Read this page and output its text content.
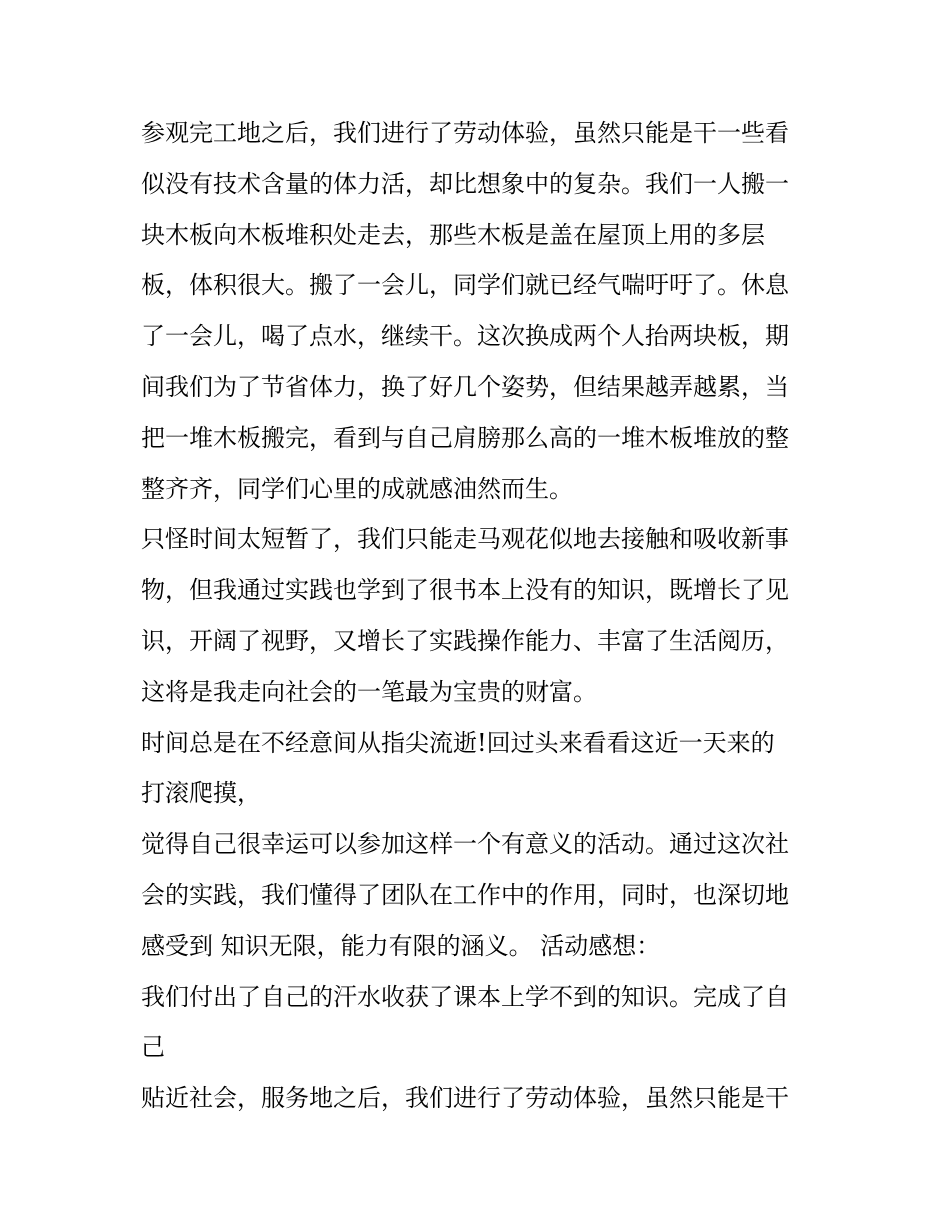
参观完工地之后，我们进行了劳动体验，虽然只能是干一些看
似没有技术含量的体力活，却比想象中的复杂。我们一人搬一
块木板向木板堆积处走去，那些木板是盖在屋顶上用的多层
板，体积很大。搬了一会儿，同学们就已经气喘吁吁了。休息
了一会儿，喝了点水，继续干。这次换成两个人抬两块板，期
间我们为了节省体力，换了好几个姿势，但结果越弄越累，当
把一堆木板搬完，看到与自己肩膀那么高的一堆木板堆放的整
整齐齐，同学们心里的成就感油然而生。
只怪时间太短暂了，我们只能走马观花似地去接触和吸收新事
物，但我通过实践也学到了很书本上没有的知识，既增长了见
识，开阔了视野，又增长了实践操作能力、丰富了生活阅历，
这将是我走向社会的一笔最为宝贵的财富。
时间总是在不经意间从指尖流逝!回过头来看看这近一天来的
打滚爬摸，
觉得自己很幸运可以参加这样一个有意义的活动。通过这次社
会的实践，我们懂得了团队在工作中的作用，同时，也深切地
感受到 知识无限，能力有限的涵义。 活动感想：
我们付出了自己的汗水收获了课本上学不到的知识。完成了自
己
贴近社会，服务地之后，我们进行了劳动体验，虽然只能是干
